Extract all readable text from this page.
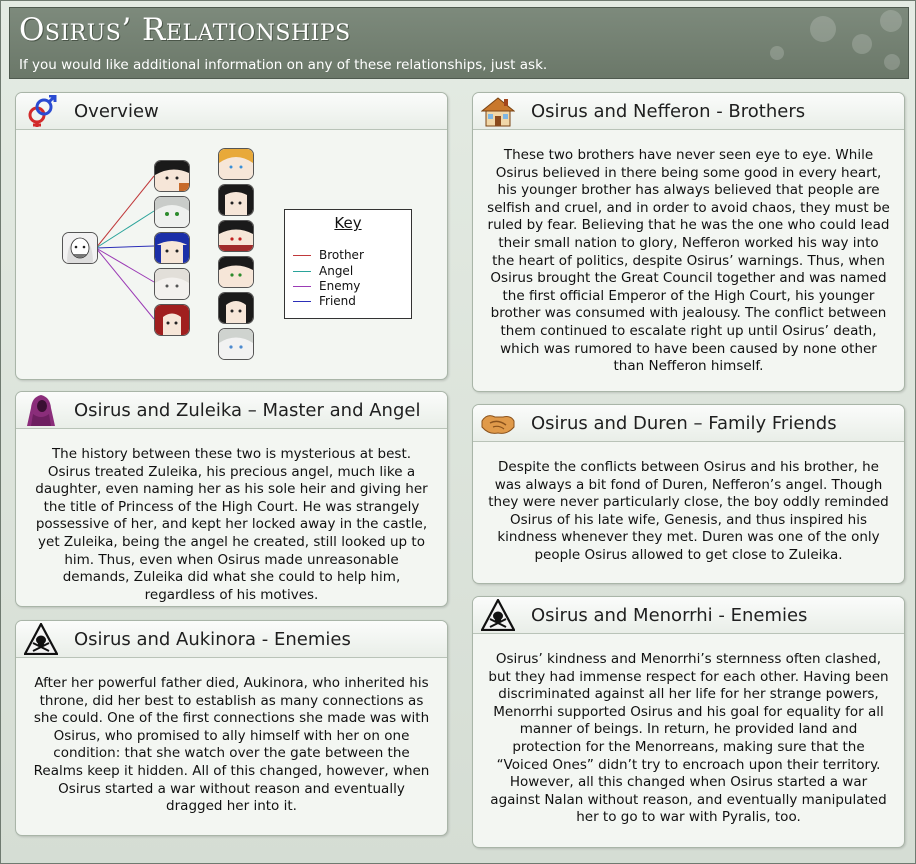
Osirus’ Relationships
If you would like additional information on any of these relationships, just ask.
Overview
Key
Brother
Angel
Enemy
Friend
Osirus and Zuleika – Master and Angel
The history between these two is mysterious at best. Osirus treated Zuleika, his precious angel, much like a daughter, even naming her as his sole heir and giving her the title of Princess of the High Court. He was strangely possessive of her, and kept her locked away in the castle, yet Zuleika, being the angel he created, still looked up to him. Thus, even when Osirus made unreasonable demands, Zuleika did what she could to help him, regardless of his motives.
Osirus and Aukinora - Enemies
After her powerful father died, Aukinora, who inherited his throne, did her best to establish as many connections as she could. One of the first connections she made was with Osirus, who promised to ally himself with her on one condition: that she watch over the gate between the Realms keep it hidden. All of this changed, however, when Osirus started a war without reason and eventually dragged her into it.
Osirus and Nefferon - Brothers
These two brothers have never seen eye to eye. While Osirus believed in there being some good in every heart, his younger brother has always believed that people are selfish and cruel, and in order to avoid chaos, they must be ruled by fear. Believing that he was the one who could lead their small nation to glory, Nefferon worked his way into the heart of politics, despite Osirus’ warnings. Thus, when Osirus brought the Great Council together and was named the first official Emperor of the High Court, his younger brother was consumed with jealousy. The conflict between them continued to escalate right up until Osirus’ death, which was rumored to have been caused by none other than Nefferon himself.
Osirus and Duren – Family Friends
Despite the conflicts between Osirus and his brother, he was always a bit fond of Duren, Nefferon’s angel. Though they were never particularly close, the boy oddly reminded Osirus of his late wife, Genesis, and thus inspired his kindness whenever they met. Duren was one of the only people Osirus allowed to get close to Zuleika.
Osirus and Menorrhi - Enemies
Osirus’ kindness and Menorrhi’s sternness often clashed, but they had immense respect for each other. Having been discriminated against all her life for her strange powers, Menorrhi supported Osirus and his goal for equality for all manner of beings. In return, he provided land and protection for the Menorreans, making sure that the “Voiced Ones” didn’t try to encroach upon their territory. However, all this changed when Osirus started a war against Nalan without reason, and eventually manipulated her to go to war with Pyralis, too.
